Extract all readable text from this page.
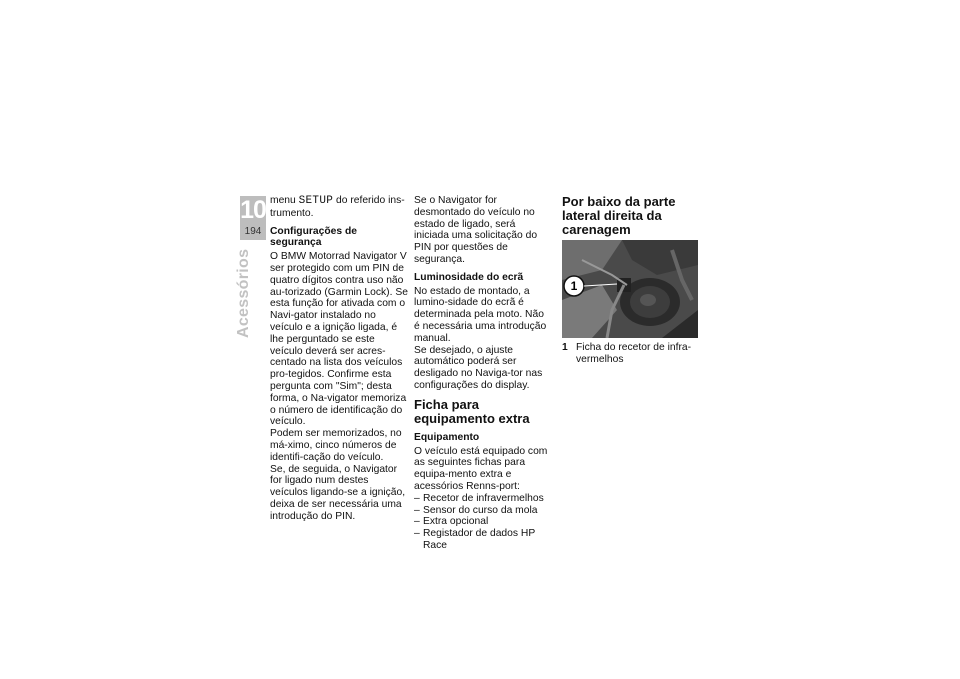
10
194
Acessórios

menu SETUP do referido ins-trumento.

Configurações de segurança

O BMW Motorrad Navigator V ser protegido com um PIN de quatro dígitos contra uso não au-torizado (Garmin Lock). Se esta função for ativada com o Navi-gator instalado no veículo e a ignição ligada, é lhe perguntado se este veículo deverá ser acres-centado na lista dos veículos pro-tegidos. Confirme esta pergunta com "Sim"; desta forma, o Na-vigator memoriza o número de identificação do veículo.

Podem ser memorizados, no má-ximo, cinco números de identifi-cação do veículo.

Se, de seguida, o Navigator for ligado num destes veículos ligando-se a ignição, deixa de ser necessária uma introdução do PIN.

Se o Navigator for desmontado do veículo no estado de ligado, será iniciada uma solicitação do PIN por questões de segurança.

Luminosidade do ecrã

No estado de montado, a lumino-sidade do ecrã é determinada pela moto. Não é necessária uma introdução manual.

Se desejado, o ajuste automático poderá ser desligado no Naviga-tor nas configurações do display.

Ficha para equipamento extra
Equipamento

O veículo está equipado com as seguintes fichas para equipa-mento extra e acessórios Renns-port:

– Recetor de infravermelhos
– Sensor do curso da mola
– Extra opcional
– Registador de dados HP Race
Por baixo da parte lateral direita da carenagem
1
1 Ficha do recetor de infra-vermelhos
